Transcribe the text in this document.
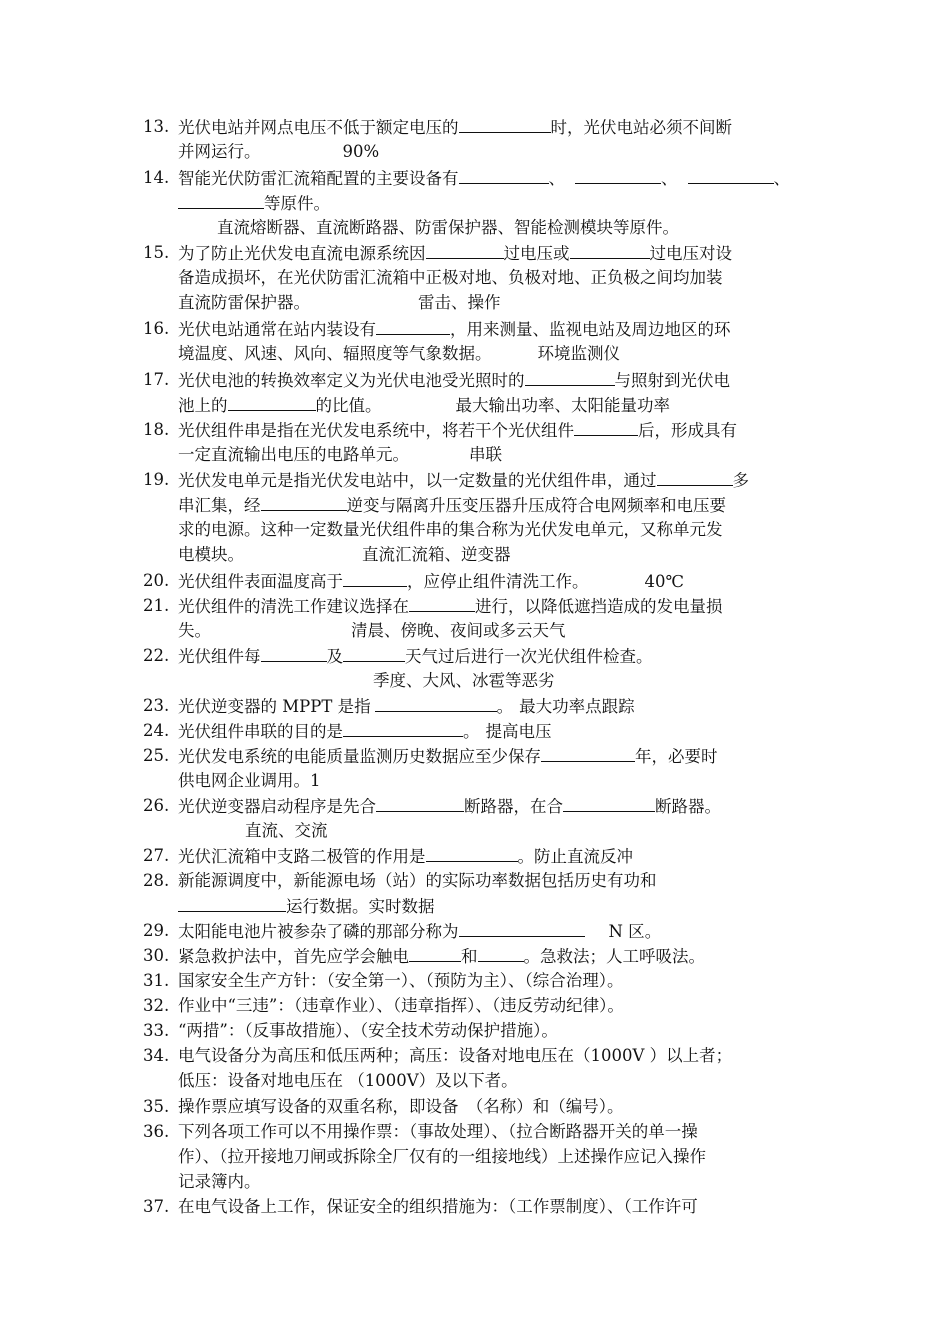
13. 光伏电站并网点电压不低于额定电压的	时，光伏电站必须不间断
并网运行。	90%
14. 智能光伏防雷汇流箱配置的主要设备有	、	、	、
等原件。
直流熔断器、直流断路器、防雷保护器、智能检测模块等原件。
15. 为了防止光伏发电直流电源系统因	过电压或	过电压对设
备造成损坏，在光伏防雷汇流箱中正极对地、负极对地、正负极之间均加装
直流防雷保护器。	雷击、操作
16. 光伏电站通常在站内装设有	，用来测量、监视电站及周边地区的环
境温度、风速、风向、辐照度等气象数据。	环境监测仪
17. 光伏电池的转换效率定义为光伏电池受光照时的	与照射到光伏电
池上的	的比值。	最大输出功率、太阳能量功率
18. 光伏组件串是指在光伏发电系统中，将若干个光伏组件	后，形成具有
一定直流输出电压的电路单元。	串联
19. 光伏发电单元是指光伏发电站中，以一定数量的光伏组件串，通过	多
串汇集，经	逆变与隔离升压变压器升压成符合电网频率和电压要
求的电源。这种一定数量光伏组件串的集合称为光伏发电单元，又称单元发
电模块。	直流汇流箱、逆变器
20. 光伏组件表面温度高于	，应停止组件清洗工作。	40℃
21. 光伏组件的清洗工作建议选择在	进行，以降低遮挡造成的发电量损
失。	清晨、傍晚、夜间或多云天气
22. 光伏组件每	及	天气过后进行一次光伏组件检查。
季度、大风、冰雹等恶劣
23. 光伏逆变器的 MPPT 是指	。 最大功率点跟踪
24. 光伏组件串联的目的是	。 提高电压
25. 光伏发电系统的电能质量监测历史数据应至少保存	年，必要时
供电网企业调用。1
26. 光伏逆变器启动程序是先合	断路器，在合	断路器。
直流、交流
27. 光伏汇流箱中支路二极管的作用是	。防止直流反冲
28. 新能源调度中，新能源电场（站）的实际功率数据包括历史有功和
运行数据。实时数据
29. 太阳能电池片被参杂了磷的那部分称为	N 区。
30. 紧急救护法中，首先应学会触电	和	。急救法；人工呼吸法。
31. 国家安全生产方针：（安全第一）、（预防为主）、（综合治理）。
32. 作业中“三违”：（违章作业）、（违章指挥）、（违反劳动纪律）。
33. “两措”：（反事故措施）、（安全技术劳动保护措施）。
34. 电气设备分为高压和低压两种；高压：设备对地电压在（1000V ）以上者；
低压：设备对地电压在 （1000V）及以下者。
35. 操作票应填写设备的双重名称，即设备　（名称）和（编号）。
36. 下列各项工作可以不用操作票：（事故处理）、（拉合断路器开关的单一操
作）、（拉开接地刀闸或拆除全厂仅有的一组接地线）上述操作应记入操作
记录簿内。
37. 在电气设备上工作，保证安全的组织措施为：（工作票制度）、（工作许可
